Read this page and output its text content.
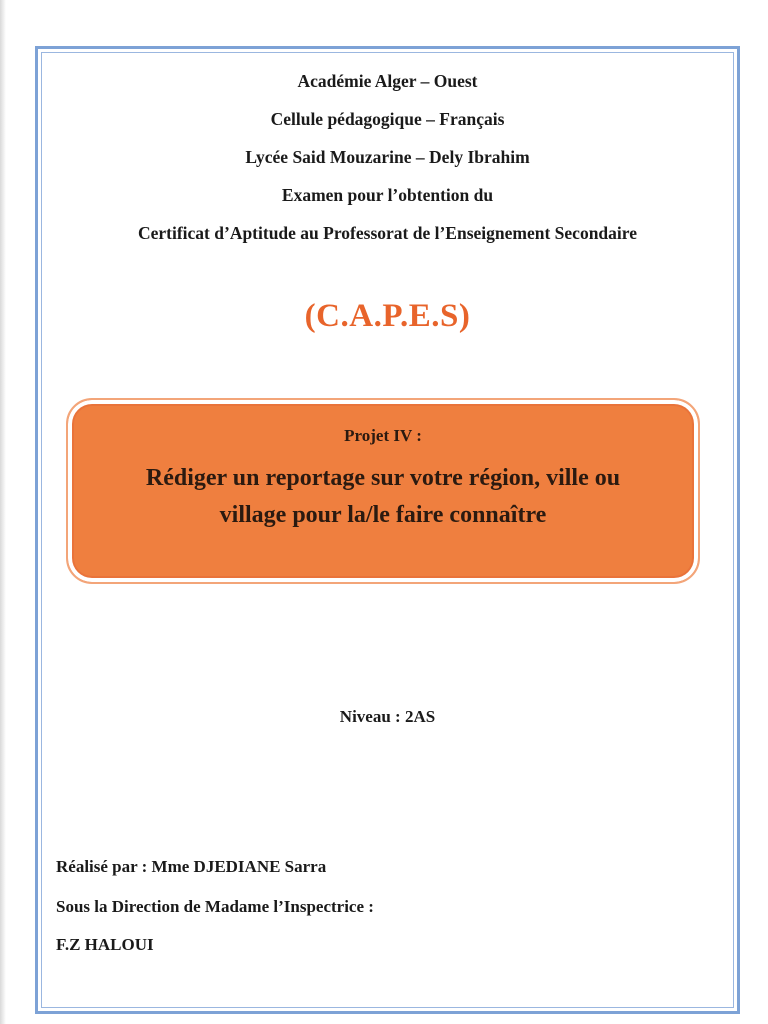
Académie Alger – Ouest
Cellule pédagogique – Français
Lycée Said Mouzarine – Dely Ibrahim
Examen pour l’obtention du
Certificat d’Aptitude au Professorat de l’Enseignement Secondaire
(C.A.P.E.S)
Projet IV :
Rédiger un reportage sur votre région, ville ou
village pour la/le faire connaître
Niveau : 2AS
Réalisé par : Mme DJEDIANE Sarra
Sous la Direction de Madame l’Inspectrice :
F.Z HALOUI
